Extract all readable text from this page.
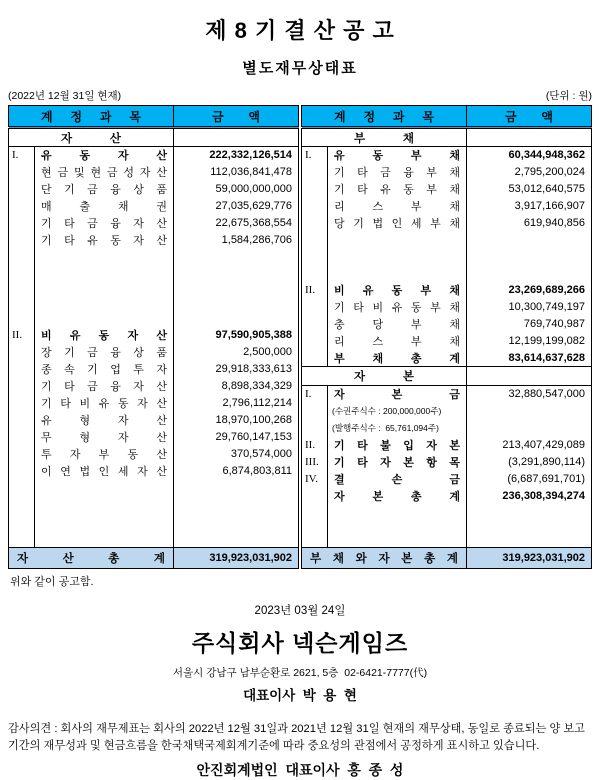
제 8 기 결 산 공 고
별도재무상태표
(2022년 12월 31일 현재)	(단위 : 원)
계 정 과 목		금 액
자 산		
I.	유 동 자 산	222,332,126,514
	현 금 및 현 금 성 자 산	112,036,841,478
	단 기 금 융 상 품	59,000,000,000
	매 출 채 권	27,035,629,776
	기 타 금 융 자 산	22,675,368,554
	기 타 유 동 자 산	1,584,286,706

II.	비 유 동 자 산	97,590,905,388
	장 기 금 융 상 품	2,500,000
	종 속 기 업 투 자	29,918,333,613
	기 타 금 융 자 산	8,898,334,329
	기 타 비 유 동 자 산	2,796,112,214
	유 형 자 산	18,970,100,268
	무 형 자 산	29,760,147,153
	투 자 부 동 산	370,574,000
	이 연 법 인 세 자 산	6,874,803,811

자 산 총 계		319,923,031,902
계 정 과 목		금 액
부 채		
I.	유 동 부 채	60,344,948,362
	기 타 금 융 부 채	2,795,200,024
	기 타 유 동 부 채	53,012,640,575
	리 스 부 채	3,917,166,907
	당 기 법 인 세 부 채	619,940,856

II.	비 유 동 부 채	23,269,689,266
	기 타 비 유 동 부 채	10,300,749,197
	충 당 부 채	769,740,987
	리 스 부 채	12,199,199,082
	부 채 총 계	83,614,637,628
자 본		
I.	자 본 금	32,880,547,000
	(수권주식수 : 200,000,000주)	
	(발행주식수 :  65,761,094주)	
II.	기 타 불 입 자 본	213,407,429,089
III.	기 타 자 본 항 목	(3,291,890,114)
IV.	결 손 금	(6,687,691,701)
	자 본 총 계	236,308,394,274

부 채 와 자 본 총 계		319,923,031,902
위와 같이 공고함.
2023년 03월 24일
주식회사 넥슨게임즈
서울시 강남구 남부순환로 2621, 5층  02-6421-7777(代)
대표이사  박  용  현
감사의견 : 회사의 재무제표는 회사의 2022년 12월 31일과 2021년 12월 31일 현재의 재무상태, 동일로 종료되는 양 보고기간의 재무성과 및 현금흐름을 한국채택국제회계기준에 따라 중요성의 관점에서 공정하게 표시하고 있습니다.
안진회계법인  대표이사  홍  종  성
